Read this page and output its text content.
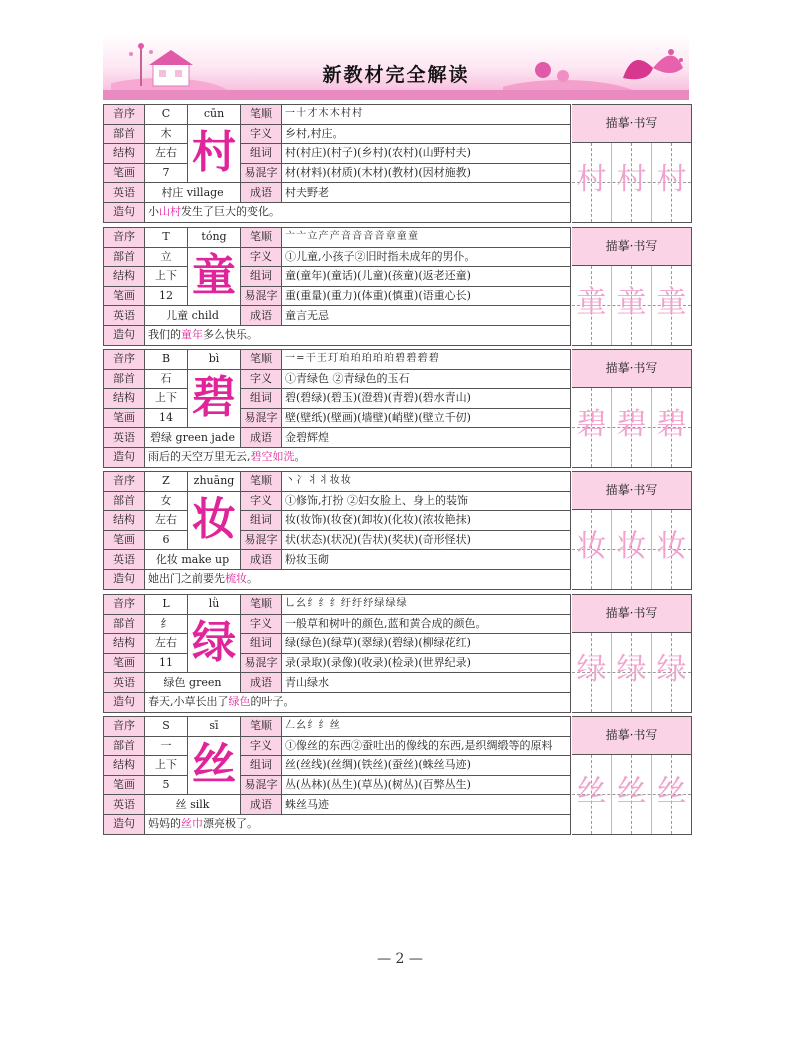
新教材完全解读
音序	C	cūn	笔顺	一 十 才 木 木 村 村
部首	木	村	字义	乡村,村庄。
结构	左右		组词	村(村庄)(村子)(乡村)(农村)(山野村夫)
笔画	7		易混字	材(材料)(材质)(木材)(教材)(因材施教)
英语	村庄 village		成语	村夫野老
造句	小山村发生了巨大的变化。			
描摹·书写
村 村 村
音序	T	tóng	笔顺	亠 亠 立 产 产 音 音 音 音 章 童 童
部首	立	童	字义	①儿童,小孩子②旧时指未成年的男仆。
结构	上下		组词	童(童年)(童话)(儿童)(孩童)(返老还童)
笔画	12		易混字	重(重量)(重力)(体重)(慎重)(语重心长)
英语	儿童 child		成语	童言无忌
造句	我们的童年多么快乐。			
描摹·书写
童 童 童
音序	B	bì	笔顺	一 = 干 王 玎 珀 珀 珀 珀 珀 碧 碧 碧 碧
部首	石	碧	字义	①青绿色 ②青绿色的玉石
结构	上下		组词	碧(碧绿)(碧玉)(澄碧)(青碧)(碧水青山)
笔画	14		易混字	壁(壁纸)(壁画)(墙壁)(峭壁)(壁立千仞)
英语	碧绿 green jade		成语	金碧辉煌
造句	雨后的天空万里无云,碧空如洗。			
描摹·书写
碧 碧 碧
音序	Z	zhuāng	笔顺	丶 冫 丬 丬 妆 妆
部首	女	妆	字义	①修饰,打扮 ②妇女脸上、身上的装饰
结构	左右		组词	妆(妆饰)(妆奁)(卸妆)(化妆)(浓妆艳抹)
笔画	6		易混字	状(状态)(状况)(告状)(奖状)(奇形怪状)
英语	化妆 make up		成语	粉妆玉砌
造句	她出门之前要先梳妆。			
描摹·书写
妆 妆 妆
音序	L	lǜ	笔顺	乚 幺 纟 纟 纟 纡 纡 纾 绿 绿 绿
部首	纟	绿	字义	一般草和树叶的颜色,蓝和黄合成的颜色。
结构	左右		组词	绿(绿色)(绿草)(翠绿)(碧绿)(柳绿花红)
笔画	11		易混字	录(录取)(录像)(收录)(检录)(世界纪录)
英语	绿色 green		成语	青山绿水
造句	春天,小草长出了绿色的叶子。			
描摹·书写
绿 绿 绿
音序	S	sī	笔顺	𠃋 幺 纟 纟 丝
部首	一	丝	字义	①像丝的东西②蚕吐出的像线的东西,是织绸缎等的原料
结构	上下		组词	丝(丝线)(丝绸)(铁丝)(蚕丝)(蛛丝马迹)
笔画	5		易混字	丛(丛林)(丛生)(草丛)(树丛)(百弊丛生)
英语	丝 silk		成语	蛛丝马迹
造句	妈妈的丝巾漂亮极了。			
描摹·书写
丝 丝 丝
— 2 —
